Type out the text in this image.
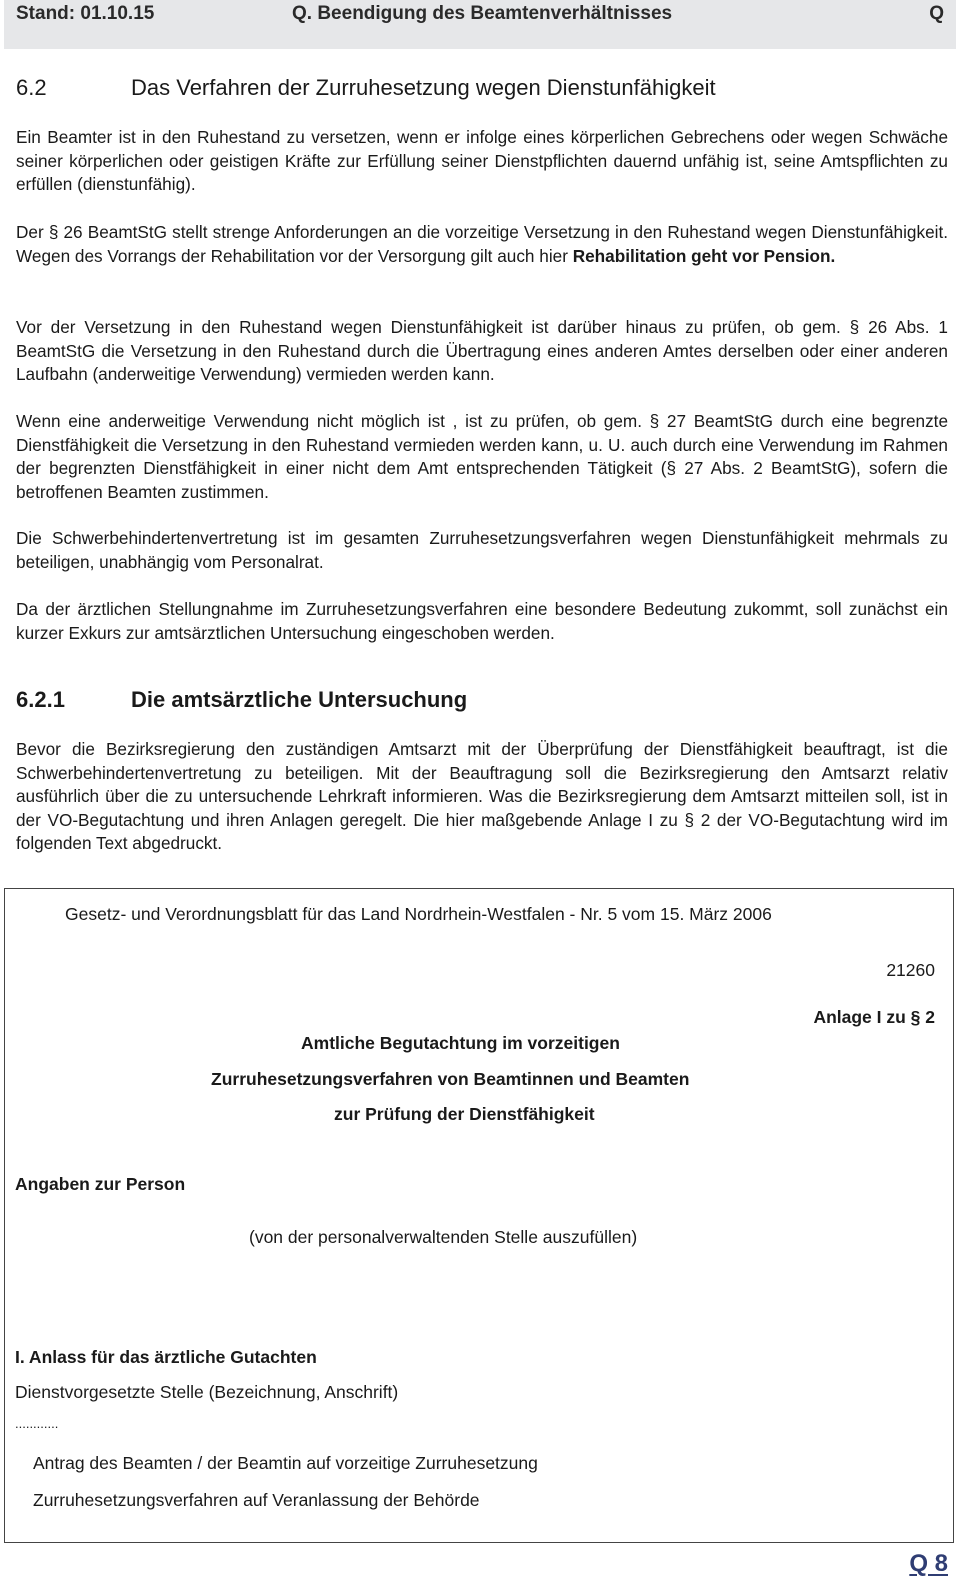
Stand: 01.10.15	Q. Beendigung des Beamtenverhältnisses	Q
6.2	Das Verfahren der Zurruhesetzung wegen Dienstunfähigkeit

Ein Beamter ist in den Ruhestand zu versetzen, wenn er infolge eines körperlichen Gebrechens oder wegen Schwäche seiner körperlichen oder geistigen Kräfte zur Erfüllung seiner Dienstpflichten dauernd unfähig ist, seine Amtspflichten zu erfüllen (dienstunfähig).

Der § 26 BeamtStG stellt strenge Anforderungen an die vorzeitige Versetzung in den Ruhestand wegen Dienstunfähigkeit. Wegen des Vorrangs der Rehabilitation vor der Versorgung gilt auch hier Rehabilitation geht vor Pension.

Vor der Versetzung in den Ruhestand wegen Dienstunfähigkeit ist darüber hinaus zu prüfen, ob gem. § 26 Abs. 1 BeamtStG die Versetzung in den Ruhestand durch die Übertragung eines anderen Amtes derselben oder einer anderen Laufbahn (anderweitige Verwendung) vermieden werden kann.

Wenn eine anderweitige Verwendung nicht möglich ist , ist zu prüfen, ob gem. § 27 BeamtStG durch eine begrenzte Dienstfähigkeit die Versetzung in den Ruhestand vermieden werden kann, u. U. auch durch eine Verwendung im Rahmen der begrenzten Dienstfähigkeit in einer nicht dem Amt entsprechenden Tätigkeit (§ 27 Abs. 2 BeamtStG), sofern die betroffenen Beamten zustimmen.

Die Schwerbehindertenvertretung ist im gesamten Zurruhesetzungsverfahren wegen Dienstunfähigkeit mehrmals zu beteiligen, unabhängig vom Personalrat.

Da der ärztlichen Stellungnahme im Zurruhesetzungsverfahren eine besondere Bedeutung zukommt, soll zunächst ein kurzer Exkurs zur amtsärztlichen Untersuchung eingeschoben werden.

6.2.1	Die amtsärztliche Untersuchung

Bevor die Bezirksregierung den zuständigen Amtsarzt mit der Überprüfung der Dienstfähigkeit beauftragt, ist die Schwerbehindertenvertretung zu beteiligen. Mit der Beauftragung soll die Bezirksregierung den Amtsarzt relativ ausführlich über die zu untersuchende Lehrkraft informieren. Was die Bezirksregierung dem Amtsarzt mitteilen soll, ist in der VO-Begutachtung und ihren Anlagen geregelt. Die hier maßgebende Anlage I zu § 2 der VO-Begutachtung wird im folgenden Text abgedruckt.

Gesetz- und Verordnungsblatt für das Land Nordrhein-Westfalen - Nr. 5 vom 15. März 2006
21260
Anlage I zu § 2
Amtliche Begutachtung im vorzeitigen
Zurruhesetzungsverfahren von Beamtinnen und Beamten
zur Prüfung der Dienstfähigkeit
Angaben zur Person
(von der personalverwaltenden Stelle auszufüllen)
I. Anlass für das ärztliche Gutachten
Dienstvorgesetzte Stelle (Bezeichnung, Anschrift)
............
Antrag des Beamten / der Beamtin auf vorzeitige Zurruhesetzung
Zurruhesetzungsverfahren auf Veranlassung der Behörde
Q 8
